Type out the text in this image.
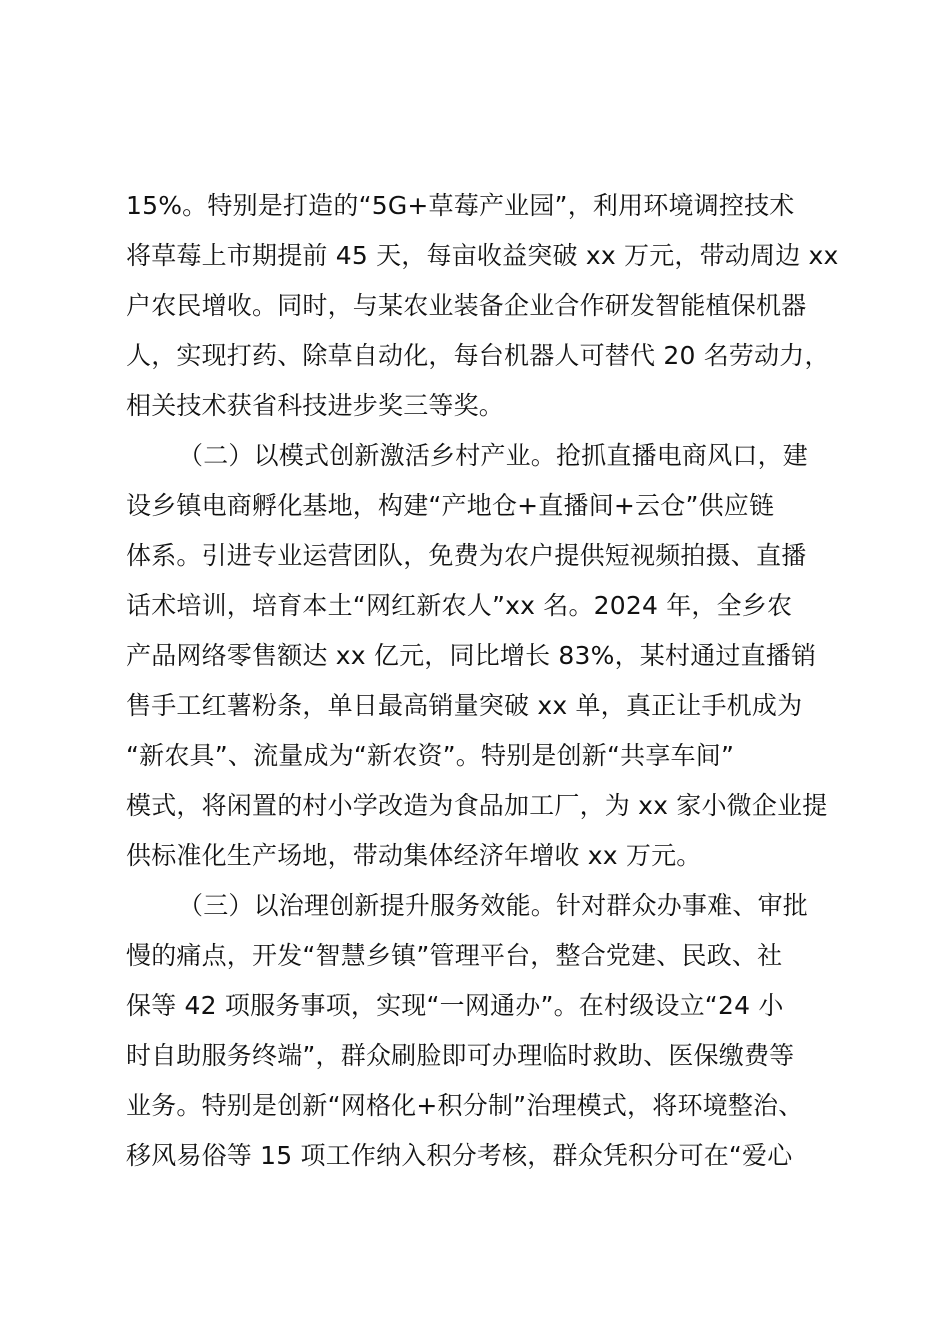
15%。特别是打造的“5G+草莓产业园”，利用环境调控技术
将草莓上市期提前 45 天，每亩收益突破 xx 万元，带动周边 xx
户农民增收。同时，与某农业装备企业合作研发智能植保机器
人，实现打药、除草自动化，每台机器人可替代 20 名劳动力，
相关技术获省科技进步奖三等奖。
（二）以模式创新激活乡村产业。抢抓直播电商风口，建
设乡镇电商孵化基地，构建“产地仓+直播间+云仓”供应链
体系。引进专业运营团队，免费为农户提供短视频拍摄、直播
话术培训，培育本土“网红新农人”xx 名。2024 年，全乡农
产品网络零售额达 xx 亿元，同比增长 83%，某村通过直播销
售手工红薯粉条，单日最高销量突破 xx 单，真正让手机成为
“新农具”、流量成为“新农资”。特别是创新“共享车间”
模式，将闲置的村小学改造为食品加工厂，为 xx 家小微企业提
供标准化生产场地，带动集体经济年增收 xx 万元。
（三）以治理创新提升服务效能。针对群众办事难、审批
慢的痛点，开发“智慧乡镇”管理平台，整合党建、民政、社
保等 42 项服务事项，实现“一网通办”。在村级设立“24 小
时自助服务终端”，群众刷脸即可办理临时救助、医保缴费等
业务。特别是创新“网格化+积分制”治理模式，将环境整治、
移风易俗等 15 项工作纳入积分考核，群众凭积分可在“爱心
